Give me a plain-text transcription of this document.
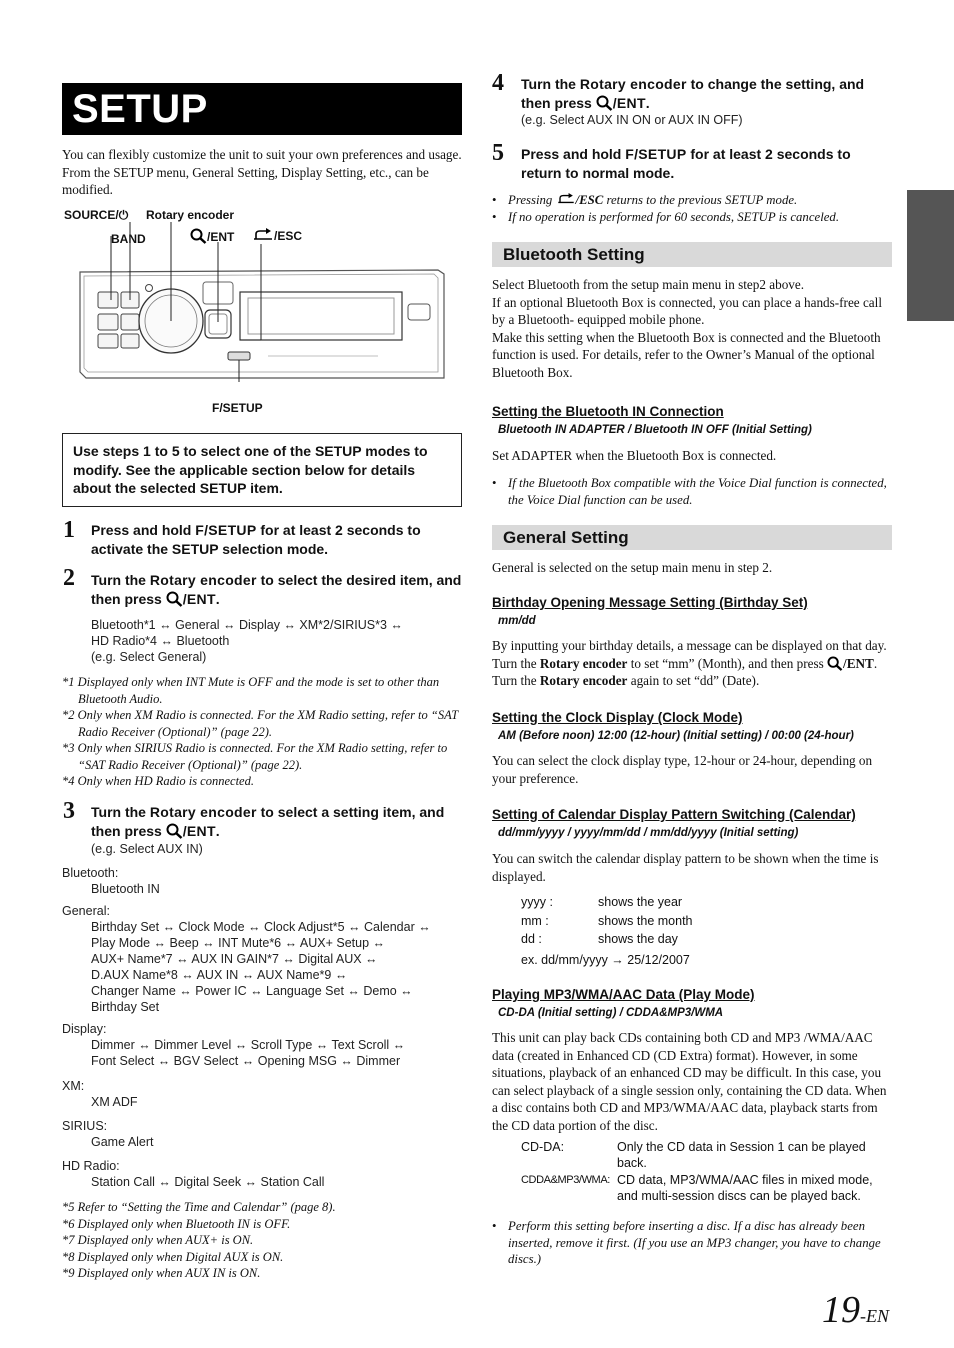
SETUP

You can flexibly customize the unit to suit your own preferences and usage. From the SETUP menu, General Setting, Display Setting, etc., can be modified.

SOURCE/⏻ Rotary encoder
BAND	/ENT	/ESC
F/SETUP
Use steps 1 to 5 to select one of the SETUP modes to modify. See the applicable section below for details about the selected SETUP item.
1 Press and hold F/SETUP for at least 2 seconds to activate the SETUP selection mode.
2 Turn the Rotary encoder to select the desired item, and then press /ENT.
Bluetooth*1 ↔ General ↔ Display ↔ XM*2/SIRIUS*3 ↔
HD Radio*4 ↔ Bluetooth
(e.g. Select General)
*1 Displayed only when INT Mute is OFF and the mode is set to other than Bluetooth Audio.
*2 Only when XM Radio is connected. For the XM Radio setting, refer to “SAT Radio Receiver (Optional)” (page 22).
*3 Only when SIRIUS Radio is connected. For the XM Radio setting, refer to “SAT Radio Receiver (Optional)” (page 22).
*4 Only when HD Radio is connected.
3 Turn the Rotary encoder to select a setting item, and then press /ENT.
(e.g. Select AUX IN)
Bluetooth:
Bluetooth IN
General:
Birthday Set ↔ Clock Mode ↔ Clock Adjust*5 ↔ Calendar ↔
Play Mode ↔ Beep ↔ INT Mute*6 ↔ AUX+ Setup ↔
AUX+ Name*7 ↔ AUX IN GAIN*7 ↔ Digital AUX ↔
D.AUX Name*8 ↔ AUX IN ↔ AUX Name*9 ↔
Changer Name ↔ Power IC ↔ Language Set ↔ Demo ↔
Birthday Set
Display:
Dimmer ↔ Dimmer Level ↔ Scroll Type ↔ Text Scroll ↔
Font Select ↔ BGV Select ↔ Opening MSG ↔ Dimmer
XM:
XM ADF
SIRIUS:
Game Alert
HD Radio:
Station Call ↔ Digital Seek ↔ Station Call
*5 Refer to “Setting the Time and Calendar” (page 8).
*6 Displayed only when Bluetooth IN is OFF.
*7 Displayed only when AUX+ is ON.
*8 Displayed only when Digital AUX is ON.
*9 Displayed only when AUX IN is ON.
4 Turn the Rotary encoder to change the setting, and then press /ENT.
(e.g. Select AUX IN ON or AUX IN OFF)
5 Press and hold F/SETUP for at least 2 seconds to return to normal mode.
• Pressing /ESC returns to the previous SETUP mode.
• If no operation is performed for 60 seconds, SETUP is canceled.
Bluetooth Setting

Select Bluetooth from the setup main menu in step2 above.

If an optional Bluetooth Box is connected, you can place a hands-free call by a Bluetooth- equipped mobile phone.

Make this setting when the Bluetooth Box is connected and the Bluetooth function is used. For details, refer to the Owner’s Manual of the optional Bluetooth Box.

Setting the Bluetooth IN Connection
Bluetooth IN ADAPTER / Bluetooth IN OFF (Initial Setting)

Set ADAPTER when the Bluetooth Box is connected.

• If the Bluetooth Box compatible with the Voice Dial function is connected, the Voice Dial function can be used.
General Setting

General is selected on the setup main menu in step 2.

Birthday Opening Message Setting (Birthday Set)
mm/dd

By inputting your birthday details, a message can be displayed on that day. Turn the Rotary encoder to set “mm” (Month), and then press /ENT. Turn the Rotary encoder again to set “dd” (Date).

Setting the Clock Display (Clock Mode)
AM (Before noon) 12:00 (12-hour) (Initial setting) / 00:00 (24-hour)

You can select the clock display type, 12-hour or 24-hour, depending on your preference.

Setting of Calendar Display Pattern Switching (Calendar)
dd/mm/yyyy / yyyy/mm/dd / mm/dd/yyyy (Initial setting)

You can switch the calendar display pattern to be shown when the time is displayed.

yyyy :	shows the year
mm :	shows the month
dd :	shows the day
ex. dd/mm/yyyy → 25/12/2007
Playing MP3/WMA/AAC Data (Play Mode)
CD-DA (Initial setting) / CDDA&MP3/WMA

This unit can play back CDs containing both CD and MP3 /WMA/AAC data (created in Enhanced CD (CD Extra) format). However, in some situations, playback of an enhanced CD may be difficult. In this case, you can select playback of a single session only, containing the CD data. When a disc contains both CD and MP3/WMA/AAC data, playback starts from the CD data portion of the disc.

CD-DA:	Only the CD data in Session 1 can be played back.
CDDA&MP3/WMA: CD data, MP3/WMA/AAC files in mixed mode, and multi-session discs can be played back.
• Perform this setting before inserting a disc. If a disc has already been inserted, remove it first. (If you use an MP3 changer, you have to change discs.)
19-EN
